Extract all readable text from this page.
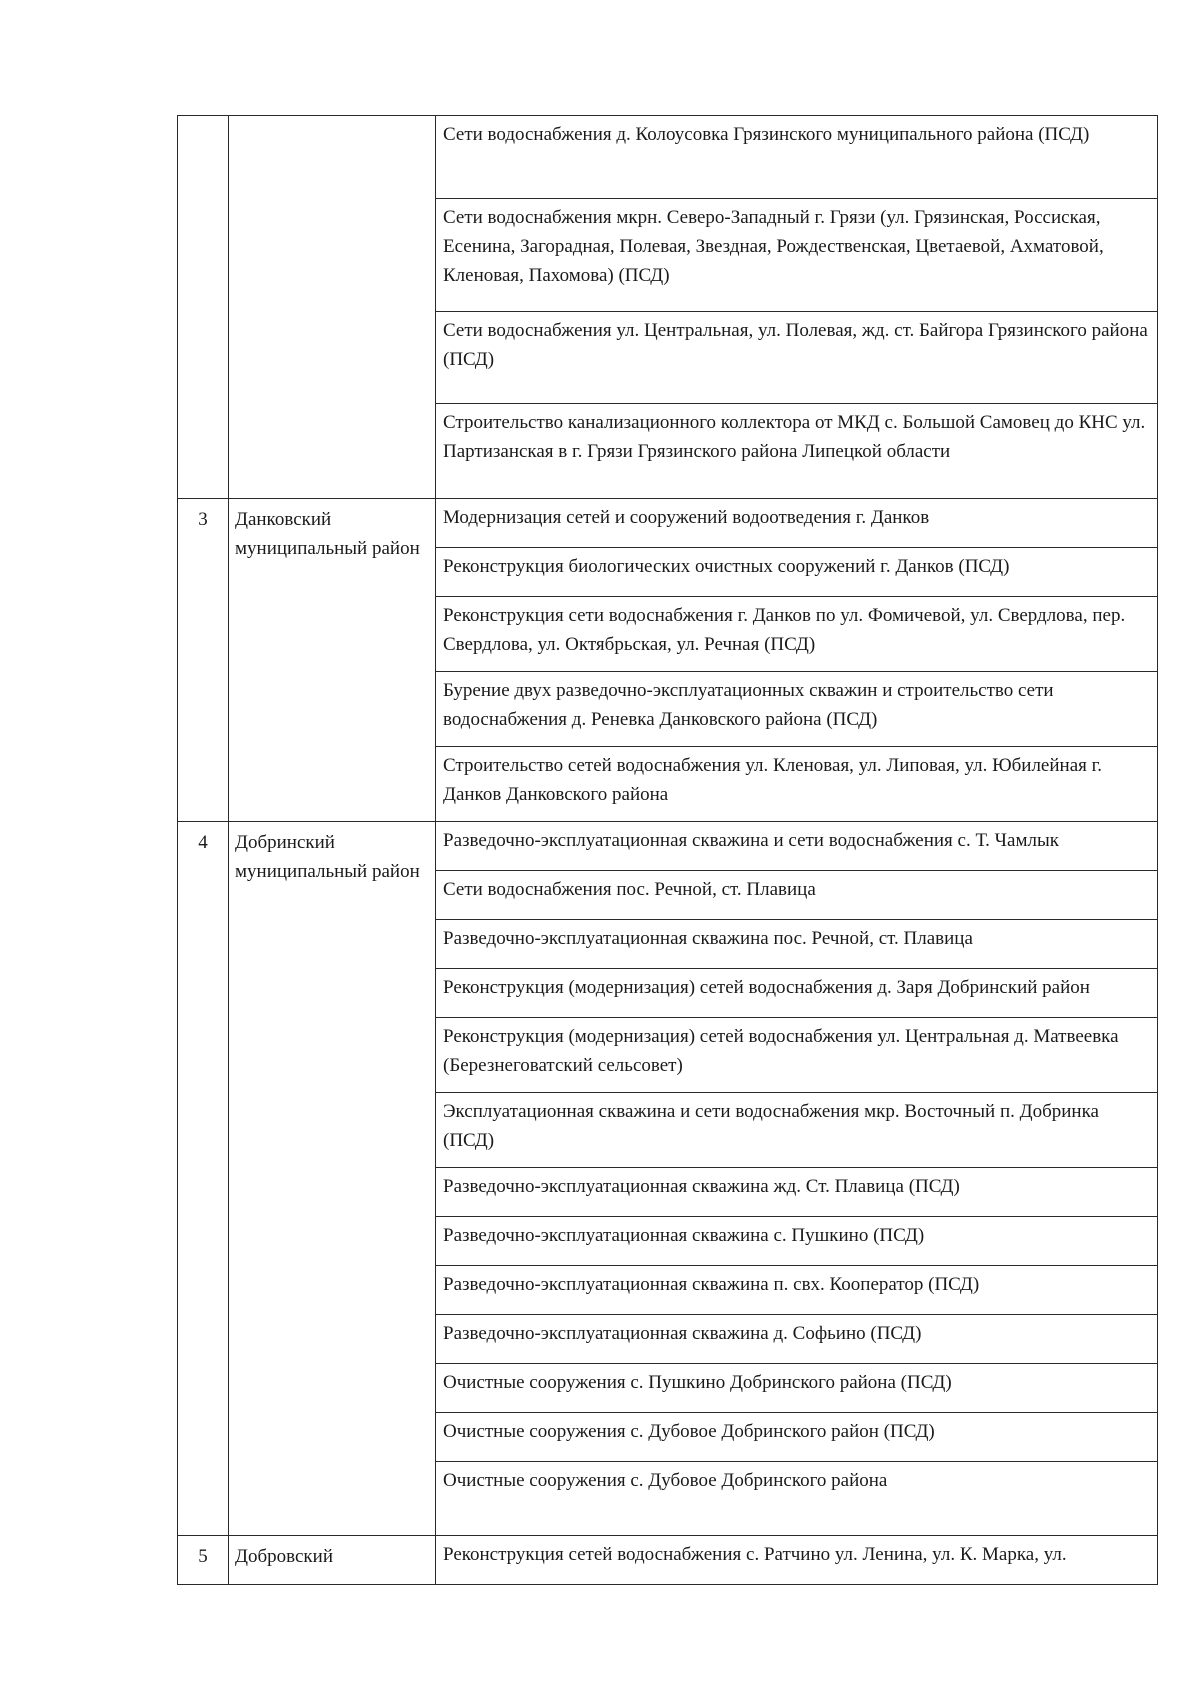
		Сети водоснабжения д. Колоусовка Грязинского муниципального района (ПСД)

		Сети водоснабжения мкрн. Северо-Западный г. Грязи (ул. Грязинская, Россиская, Есенина, Загорадная, Полевая, Звездная, Рождественская, Цветаевой, Ахматовой, Кленовая, Пахомова) (ПСД)

		Сети водоснабжения ул. Центральная, ул. Полевая, жд. ст. Байгора Грязинского района (ПСД)

		Строительство канализационного коллектора от МКД с. Большой Самовец до КНС ул. Партизанская в г. Грязи Грязинского района Липецкой области

3	Данковский муниципальный район	Модернизация сетей и сооружений водоотведения г. Данков

		Реконструкция биологических очистных сооружений г. Данков (ПСД)

		Реконструкция сети водоснабжения г. Данков по ул. Фомичевой, ул. Свердлова, пер. Свердлова, ул. Октябрьская, ул. Речная (ПСД)

		Бурение двух разведочно-эксплуатационных скважин и строительство сети водоснабжения д. Реневка Данковского района (ПСД)

		Строительство сетей водоснабжения ул. Кленовая, ул. Липовая, ул. Юбилейная г. Данков Данковского района

4	Добринский муниципальный район	Разведочно-эксплуатационная скважина и сети водоснабжения с. Т. Чамлык

		Сети водоснабжения пос. Речной, ст. Плавица

		Разведочно-эксплуатационная скважина пос. Речной, ст. Плавица

		Реконструкция (модернизация) сетей водоснабжения д. Заря Добринский район

		Реконструкция (модернизация) сетей водоснабжения ул. Центральная д. Матвеевка (Березнеговатский сельсовет)

		Эксплуатационная скважина и сети водоснабжения мкр. Восточный п. Добринка (ПСД)

		Разведочно-эксплуатационная скважина жд. Ст. Плавица (ПСД)

		Разведочно-эксплуатационная скважина с. Пушкино (ПСД)

		Разведочно-эксплуатационная скважина п. свх. Кооператор (ПСД)

		Разведочно-эксплуатационная скважина д. Софьино (ПСД)

		Очистные сооружения с. Пушкино Добринского района (ПСД)

		Очистные сооружения с. Дубовое Добринского район (ПСД)

		Очистные сооружения с. Дубовое Добринского района

5	Добровский	Реконструкция сетей водоснабжения с. Ратчино ул. Ленина, ул. К. Марка, ул.
